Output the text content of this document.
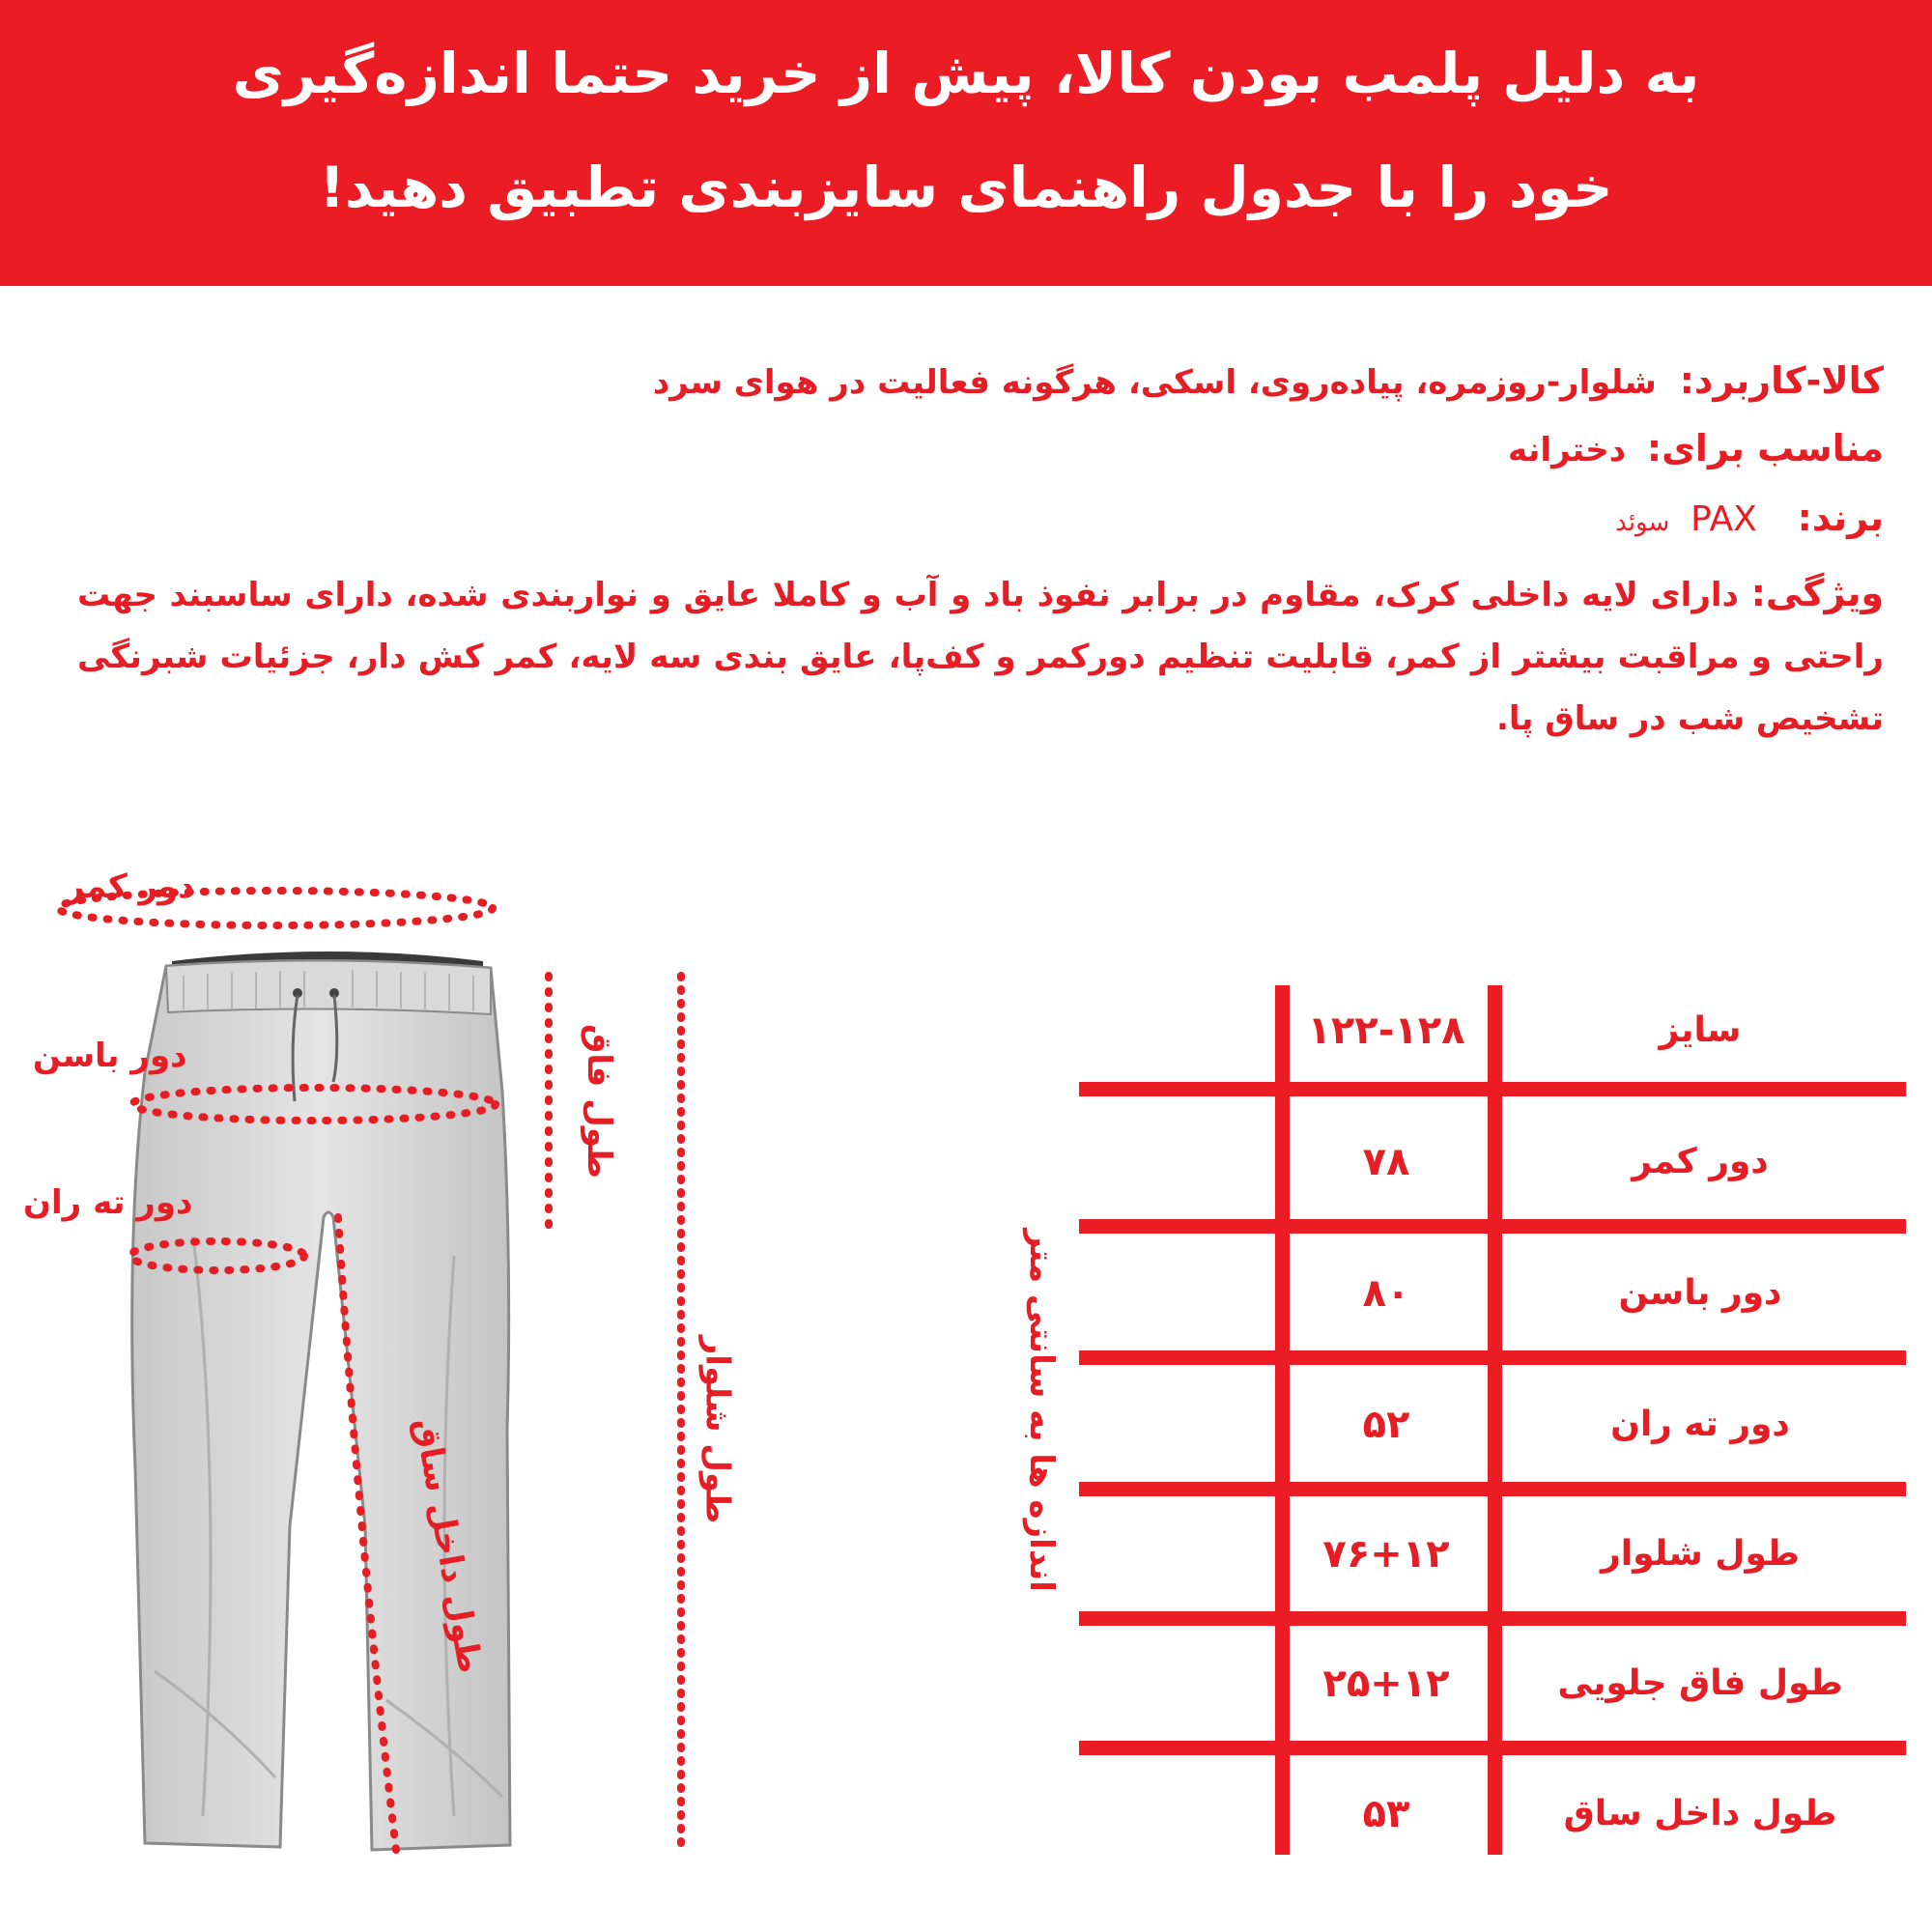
به دلیل پلمب بودن کالا، پیش از خرید حتما اندازه‌گیری
خود را با جدول راهنمای سایزبندی تطبیق دهید!
کالا-کاربرد: شلوار-روزمره، پیاده‌روی، اسکی، هرگونه فعالیت در هوای سرد
مناسب برای: دخترانه
برند: PAX سوئد
ویژگی: دارای لایه داخلی کرک، مقاوم در برابر نفوذ باد و آب و کاملا عایق و نواربندی شده، دارای ساسبند جهت راحتی و مراقبت بیشتر از کمر، قابلیت تنظیم دورکمر و کف‌پا، عایق بندی سه لایه، کمر کش دار، جزئیات شبرنگی تشخیص شب در ساق پا.
دور کمر
دور باسن
دور ته ران
طول فاق
طول شلوار
طول داخل ساق
سایز
۱۲۲-۱۲۸
دور کمر
۷۸
دور باسن
۸۰
دور ته ران
۵۲
طول شلوار
۷۶+۱۲
طول فاق جلویی
۲۵+۱۲
طول داخل ساق
۵۳
اندازه ها به سانتی متر
